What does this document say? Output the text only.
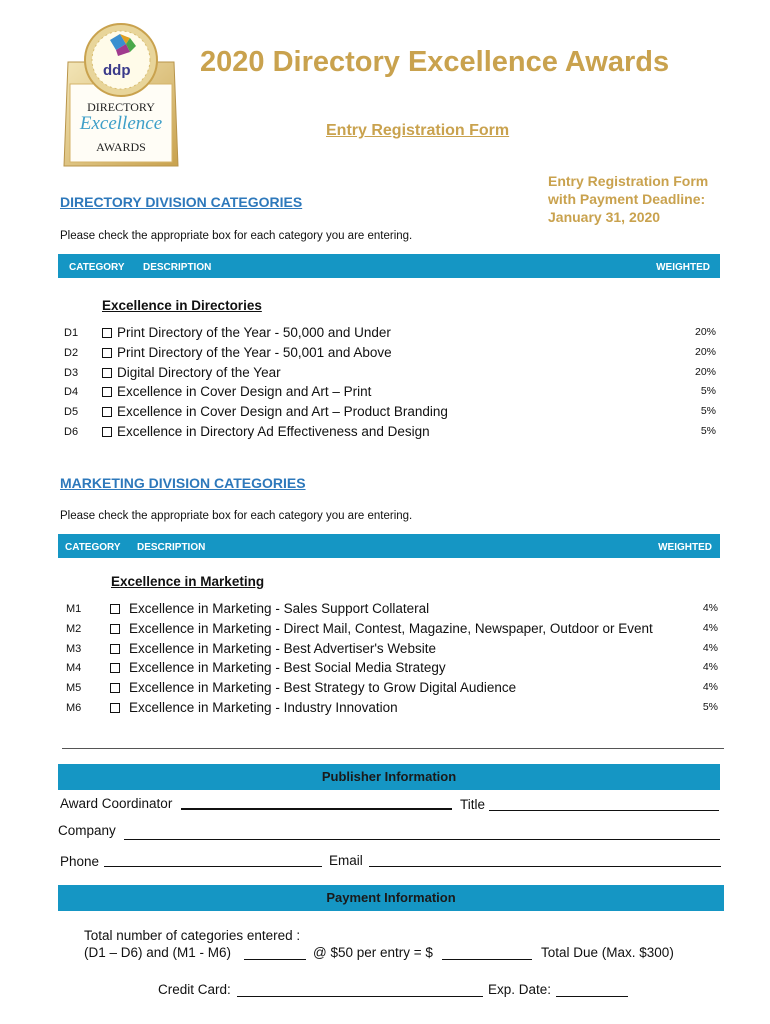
ddp
DIRECTORY
Excellence
AWARDS
2020 Directory Excellence Awards
Entry Registration Form
Entry Registration Form
with Payment Deadline:
January 31, 2020
DIRECTORY DIVISION CATEGORIES
Please check the appropriate box for each category you are entering.
CATEGORY DESCRIPTION	WEIGHTED
Excellence in Directories
D1	Print Directory of the Year - 50,000 and Under	20%
D2	Print Directory of the Year - 50,001 and Above	20%
D3	Digital Directory of the Year	20%
D4	Excellence in Cover Design and Art – Print	5%
D5	Excellence in Cover Design and Art – Product Branding	5%
D6	Excellence in Directory Ad Effectiveness and Design	5%
MARKETING DIVISION CATEGORIES
Please check the appropriate box for each category you are entering.
CATEGORY DESCRIPTION	WEIGHTED
Excellence in Marketing
M1	Excellence in Marketing - Sales Support Collateral	4%
M2	Excellence in Marketing - Direct Mail, Contest, Magazine, Newspaper, Outdoor or Event	4%
M3	Excellence in Marketing - Best Advertiser's Website	4%
M4	Excellence in Marketing - Best Social Media Strategy	4%
M5	Excellence in Marketing - Best Strategy to Grow Digital Audience	4%
M6	Excellence in Marketing - Industry Innovation	5%
Publisher Information
Award Coordinator	Title
Company
Phone	Email
Payment Information
Total number of categories entered :
(D1 – D6) and (M1 - M6)	@ $50 per entry = $	Total Due (Max. $300)
Credit Card:	Exp. Date:
